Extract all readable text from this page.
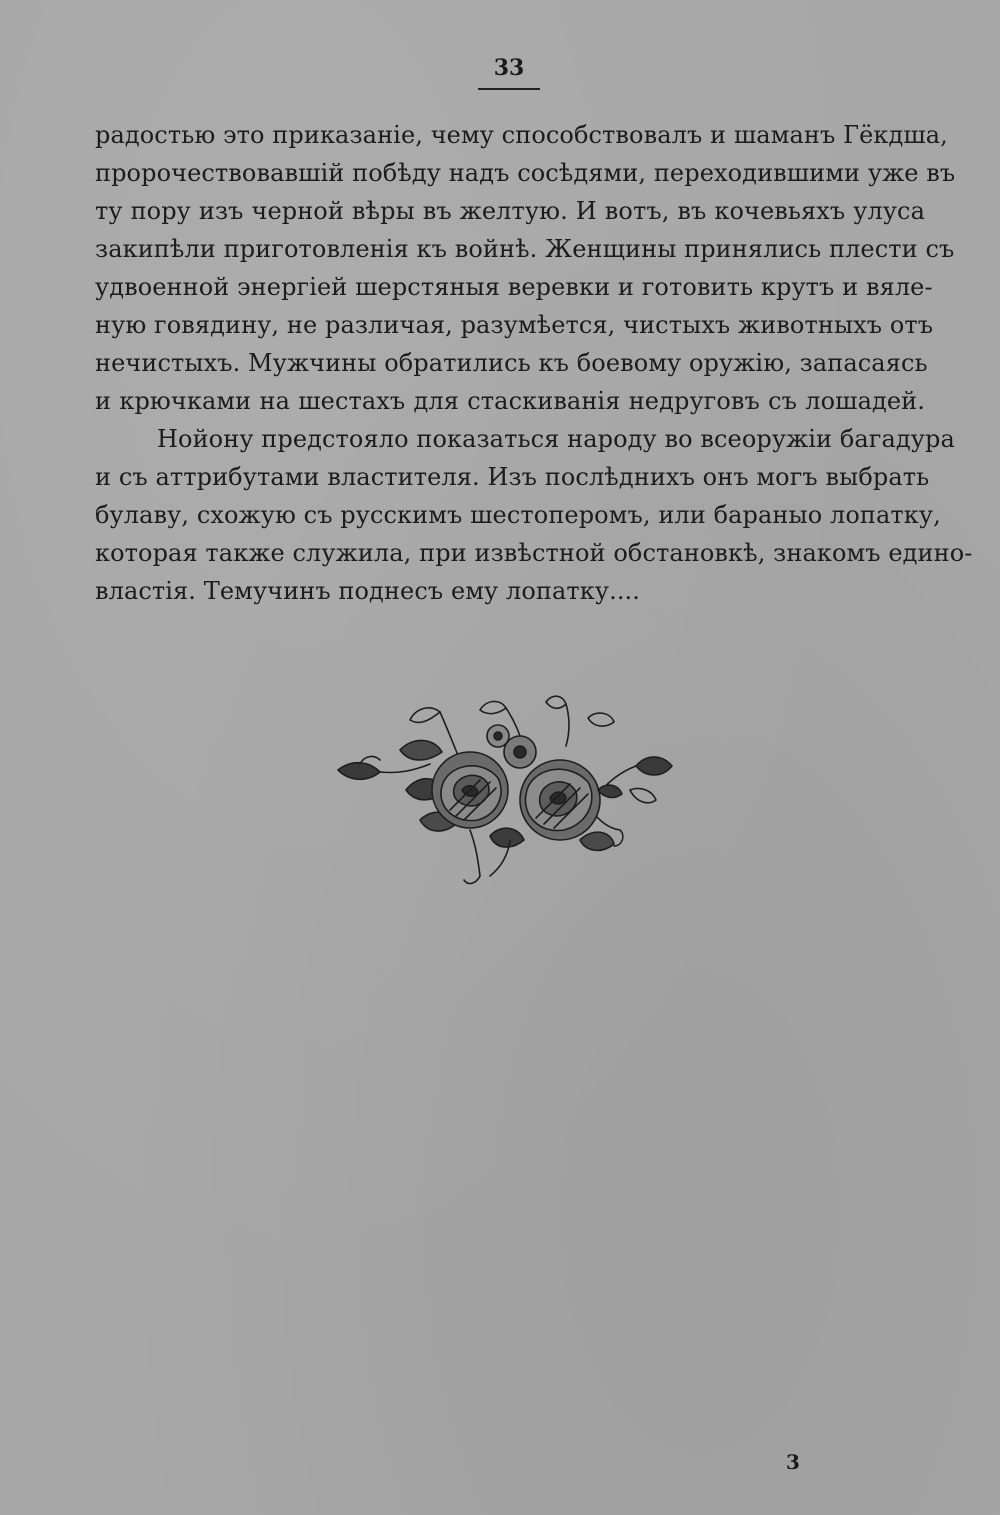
33
радостью это приказаніе, чему способствовалъ и шаманъ Гёкдша,
пророчествовавшій побѣду надъ сосѣдями, переходившими уже въ
ту пору изъ черной вѣры въ желтую. И вотъ, въ кочевьяхъ улуса
закипѣли приготовленія къ войнѣ. Женщины принялись плести съ
удвоенной энергіей шерстяныя веревки и готовить крутъ и вяле-
ную говядину, не различая, разумѣется, чистыхъ животныхъ отъ
нечистыхъ. Мужчины обратились къ боевому оружію, запасаясь
и крючками на шестахъ для стаскиванія недруговъ съ лошадей.
Нойону предстояло показаться народу во всеоружіи багадура
и съ аттрибутами властителя. Изъ послѣднихъ онъ могъ выбрать
булаву, схожую съ русскимъ шестоперомъ, или бараныо лопатку,
которая также служила, при извѣстной обстановкѣ, знакомъ едино-
властія. Темучинъ поднесъ ему лопатку....
3
